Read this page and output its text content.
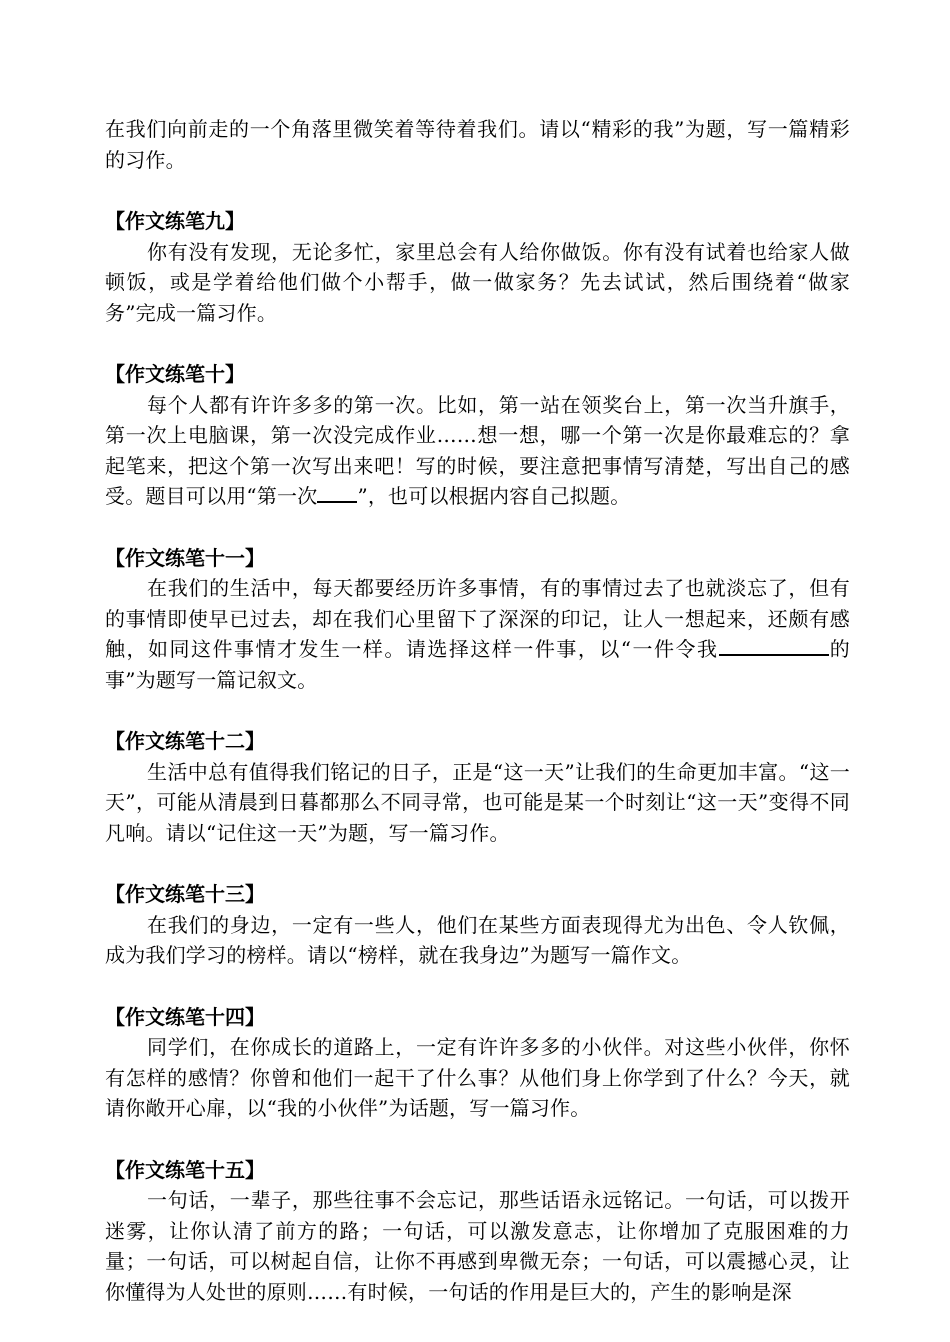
在我们向前走的一个角落里微笑着等待着我们。请以“精彩的我”为题，写一篇精彩的习作。

【作文练笔九】

你有没有发现，无论多忙，家里总会有人给你做饭。你有没有试着也给家人做顿饭，或是学着给他们做个小帮手，做一做家务？先去试试，然后围绕着“做家务”完成一篇习作。

【作文练笔十】

每个人都有许许多多的第一次。比如，第一站在领奖台上，第一次当升旗手，第一次上电脑课，第一次没完成作业……想一想，哪一个第一次是你最难忘的？拿起笔来，把这个第一次写出来吧！写的时候，要注意把事情写清楚，写出自己的感受。题目可以用“第一次 ”，也可以根据内容自己拟题。

【作文练笔十一】

在我们的生活中，每天都要经历许多事情，有的事情过去了也就淡忘了，但有的事情即使早已过去，却在我们心里留下了深深的印记，让人一想起来，还颇有感触，如同这件事情才发生一样。请选择这样一件事，以“一件令我	的事”为题写一篇记叙文。

【作文练笔十二】

生活中总有值得我们铭记的日子，正是“这一天”让我们的生命更加丰富。“这一天”，可能从清晨到日暮都那么不同寻常，也可能是某一个时刻让“这一天”变得不同凡响。请以“记住这一天”为题，写一篇习作。

【作文练笔十三】

在我们的身边，一定有一些人，他们在某些方面表现得尤为出色、令人钦佩，成为我们学习的榜样。请以“榜样，就在我身边”为题写一篇作文。

【作文练笔十四】

同学们，在你成长的道路上，一定有许许多多的小伙伴。对这些小伙伴，你怀有怎样的感情？你曾和他们一起干了什么事？从他们身上你学到了什么？今天，就请你敞开心扉，以“我的小伙伴”为话题，写一篇习作。

【作文练笔十五】

一句话，一辈子，那些往事不会忘记，那些话语永远铭记。一句话，可以拨开迷雾，让你认清了前方的路；一句话，可以激发意志，让你增加了克服困难的力量；一句话，可以树起自信，让你不再感到卑微无奈；一句话，可以震撼心灵，让你懂得为人处世的原则……有时候，一句话的作用是巨大的，产生的影响是深
